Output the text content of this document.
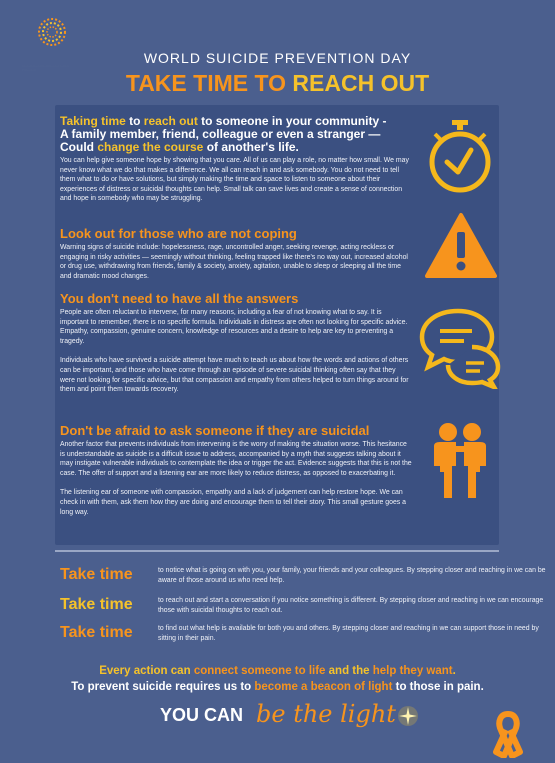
WORLD SUICIDE PREVENTION DAY
TAKE TIME TO REACH OUT
Taking time to reach out to someone in your community -
A family member, friend, colleague or even a stranger —
Could change the course of another's life.
You can help give someone hope by showing that you care. All of us can play a role, no matter how small. We may never know what we do that makes a difference. We all can reach in and ask somebody. You do not need to tell them what to do or have solutions, but simply making the time and space to listen to someone about their experiences of distress or suicidal thoughts can help. Small talk can save lives and create a sense of connection and hope in somebody who may be struggling.
Look out for those who are not coping
Warning signs of suicide include: hopelessness, rage, uncontrolled anger, seeking revenge, acting reckless or engaging in risky activities — seemingly without thinking, feeling trapped like there's no way out, increased alcohol or drug use, withdrawing from friends, family & society, anxiety, agitation, unable to sleep or sleeping all the time and dramatic mood changes.
You don't need to have all the answers
People are often reluctant to intervene, for many reasons, including a fear of not knowing what to say. It is important to remember, there is no specific formula. Individuals in distress are often not looking for specific advice. Empathy, compassion, genuine concern, knowledge of resources and a desire to help are key to preventing a tragedy.
Individuals who have survived a suicide attempt have much to teach us about how the words and actions of others can be important, and those who have come through an episode of severe suicidal thinking often say that they were not looking for specific advice, but that compassion and empathy from others helped to turn things around for them and point them towards recovery.
Don't be afraid to ask someone if they are suicidal
Another factor that prevents individuals from intervening is the worry of making the situation worse. This hesitance is understandable as suicide is a difficult issue to address, accompanied by a myth that suggests talking about it may instigate vulnerable individuals to contemplate the idea or trigger the act. Evidence suggests that this is not the case. The offer of support and a listening ear are more likely to reduce distress, as opposed to exacerbating it.
The listening ear of someone with compassion, empathy and a lack of judgement can help restore hope. We can check in with them, ask them how they are doing and encourage them to tell their story. This small gesture goes a long way.
Take time	to notice what is going on with you, your family, your friends and your colleagues. By stepping closer and reaching in we can be aware of those around us who need help.
Take time	to reach out and start a conversation if you notice something is different. By stepping closer and reaching in we can encourage those with suicidal thoughts to reach out.
Take time	to find out what help is available for both you and others. By stepping closer and reaching in we can support those in need by sitting in their pain.
Every action can connect someone to life and the help they want.
To prevent suicide requires us to become a beacon of light to those in pain.
YOU CAN be the light
